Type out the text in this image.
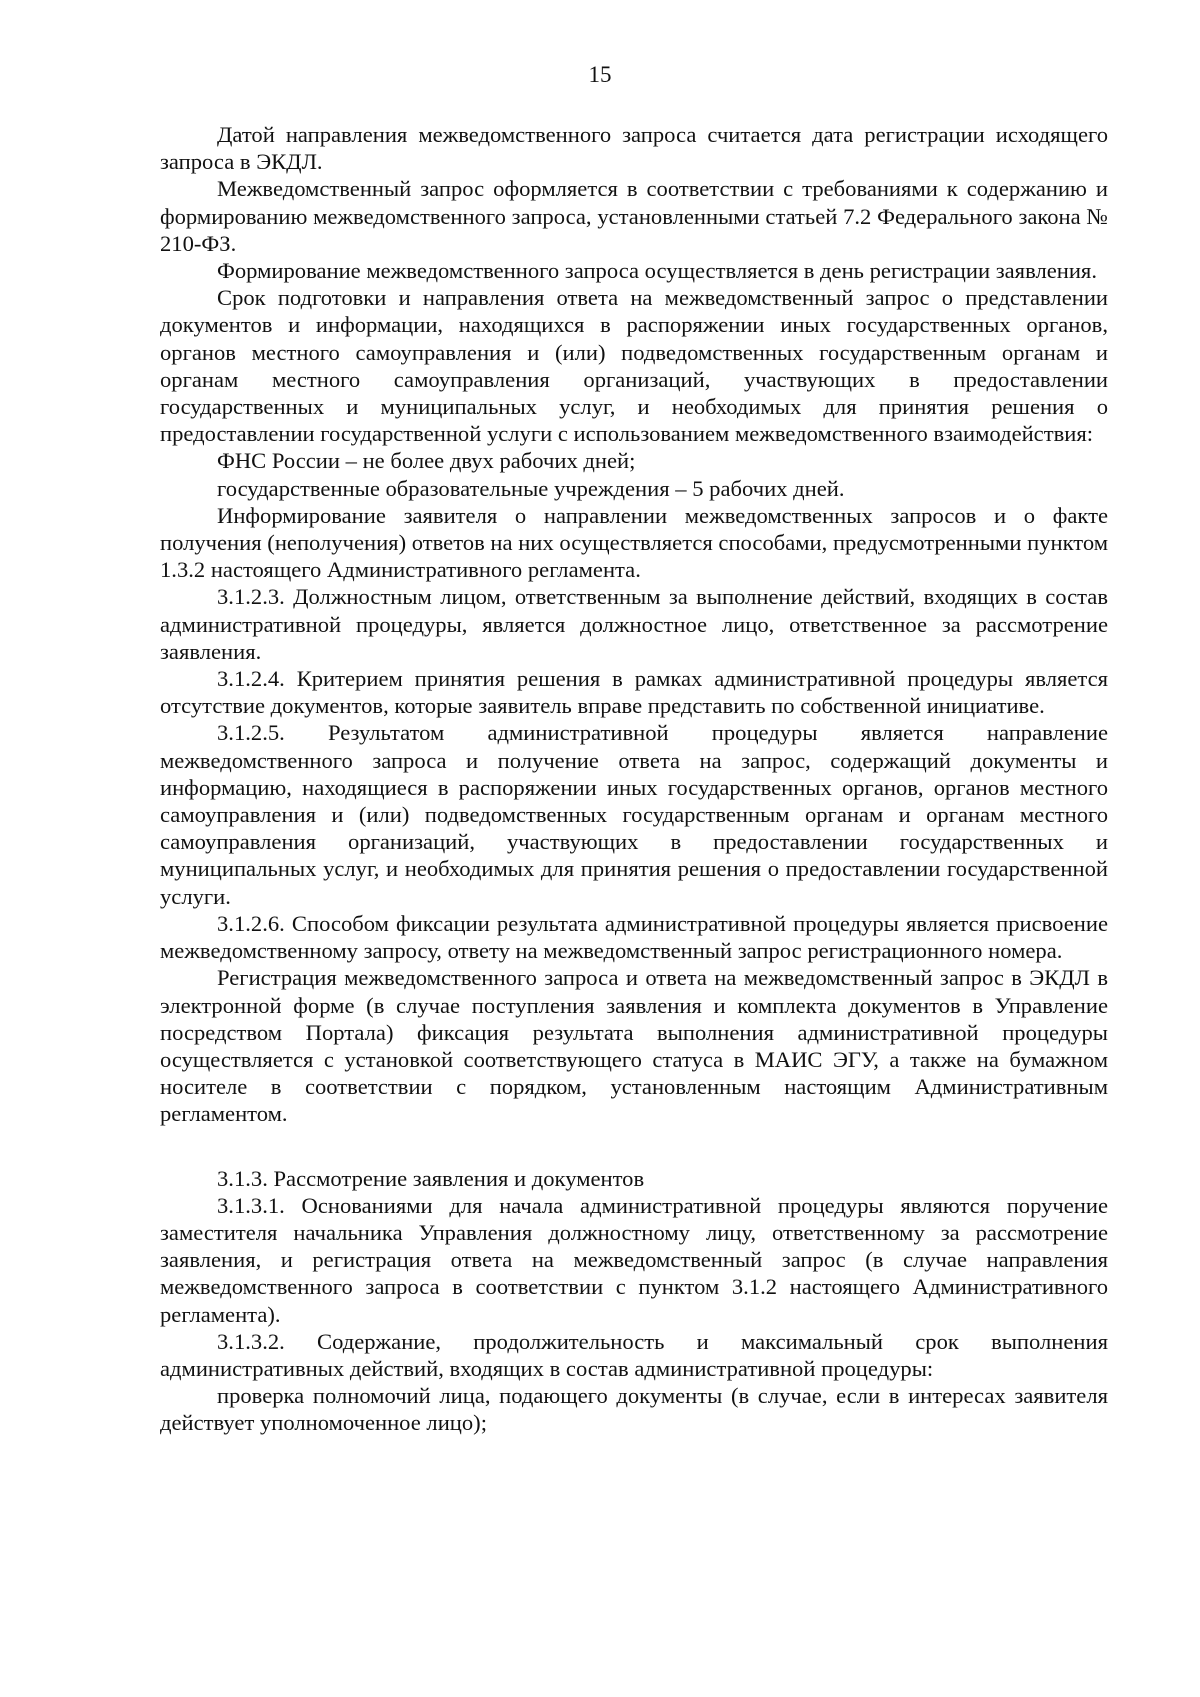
15

Датой направления межведомственного запроса считается дата регистрации исходящего запроса в ЭКДЛ.

Межведомственный запрос оформляется в соответствии с требованиями к содержанию и формированию межведомственного запроса, установленными статьей 7.2 Федерального закона № 210-ФЗ.

Формирование межведомственного запроса осуществляется в день регистрации заявления.

Срок подготовки и направления ответа на межведомственный запрос о представлении документов и информации, находящихся в распоряжении иных государственных органов, органов местного самоуправления и (или) подведомственных государственным органам и органам местного самоуправления организаций, участвующих в предоставлении государственных и муниципальных услуг, и необходимых для принятия решения о предоставлении государственной услуги с использованием межведомственного взаимодействия:

ФНС России – не более двух рабочих дней;

государственные образовательные учреждения – 5 рабочих дней.

Информирование заявителя о направлении межведомственных запросов и о факте получения (неполучения) ответов на них осуществляется способами, предусмотренными пунктом 1.3.2 настоящего Административного регламента.

3.1.2.3. Должностным лицом, ответственным за выполнение действий, входящих в состав административной процедуры, является должностное лицо, ответственное за рассмотрение заявления.

3.1.2.4. Критерием принятия решения в рамках административной процедуры является отсутствие документов, которые заявитель вправе представить по собственной инициативе.

3.1.2.5. Результатом административной процедуры является направление межведомственного запроса и получение ответа на запрос, содержащий документы и информацию, находящиеся в распоряжении иных государственных органов, органов местного самоуправления и (или) подведомственных государственным органам и органам местного самоуправления организаций, участвующих в предоставлении государственных и муниципальных услуг, и необходимых для принятия решения о предоставлении государственной услуги.

3.1.2.6. Способом фиксации результата административной процедуры является присвоение межведомственному запросу, ответу на межведомственный запрос регистрационного номера.

Регистрация межведомственного запроса и ответа на межведомственный запрос в ЭКДЛ в электронной форме (в случае поступления заявления и комплекта документов в Управление посредством Портала) фиксация результата выполнения административной процедуры осуществляется с установкой соответствующего статуса в МАИС ЭГУ, а также на бумажном носителе в соответствии с порядком, установленным настоящим Административным регламентом.

3.1.3. Рассмотрение заявления и документов

3.1.3.1. Основаниями для начала административной процедуры являются поручение заместителя начальника Управления должностному лицу, ответственному за рассмотрение заявления, и регистрация ответа на межведомственный запрос (в случае направления межведомственного запроса в соответствии с пунктом 3.1.2 настоящего Административного регламента).

3.1.3.2. Содержание, продолжительность и максимальный срок выполнения административных действий, входящих в состав административной процедуры:

проверка полномочий лица, подающего документы (в случае, если в интересах заявителя действует уполномоченное лицо);
